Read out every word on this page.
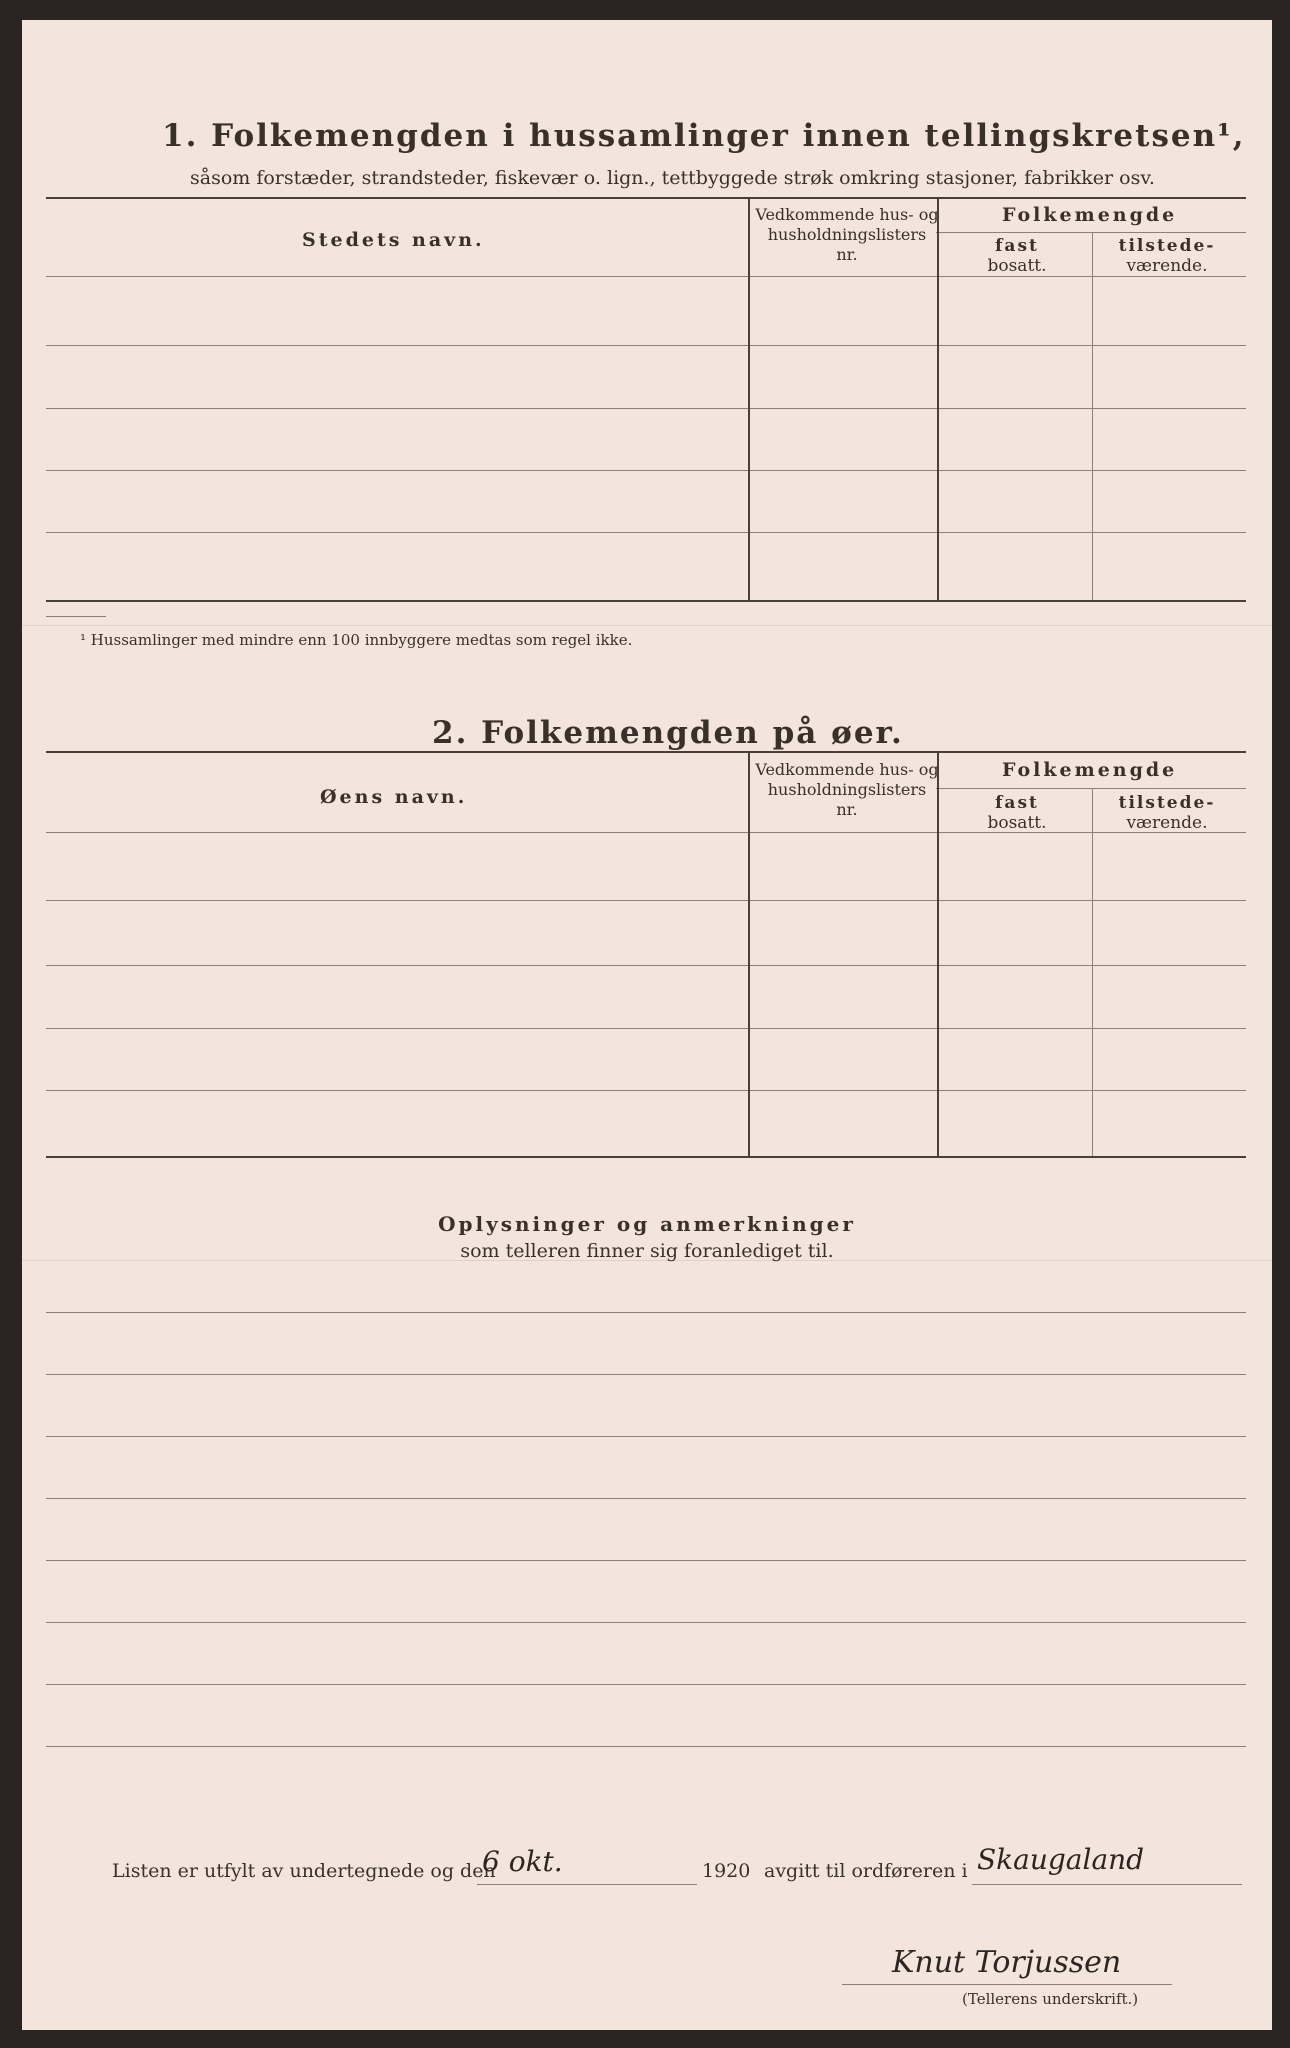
1. Folkemengden i hussamlinger innen tellingskretsen¹,
såsom forstæder, strandsteder, fiskevær o. lign., tettbyggede strøk omkring stasjoner, fabrikker osv.
Stedets navn.
Vedkommende hus- og
husholdningslisters
nr.
Folkemengde
fast
bosatt.
tilstede-
værende.
¹ Hussamlinger med mindre enn 100 innbyggere medtas som regel ikke.
2. Folkemengden på øer.
Øens navn.
Vedkommende hus- og
husholdningslisters
nr.
Folkemengde
fast
bosatt.
tilstede-
værende.
Oplysninger og anmerkninger
som telleren finner sig foranlediget til.
Listen er utfylt av undertegnede og den
6 okt.	1920 avgitt til ordføreren i Skaugaland
Knut Torjussen
(Tellerens underskrift.)
